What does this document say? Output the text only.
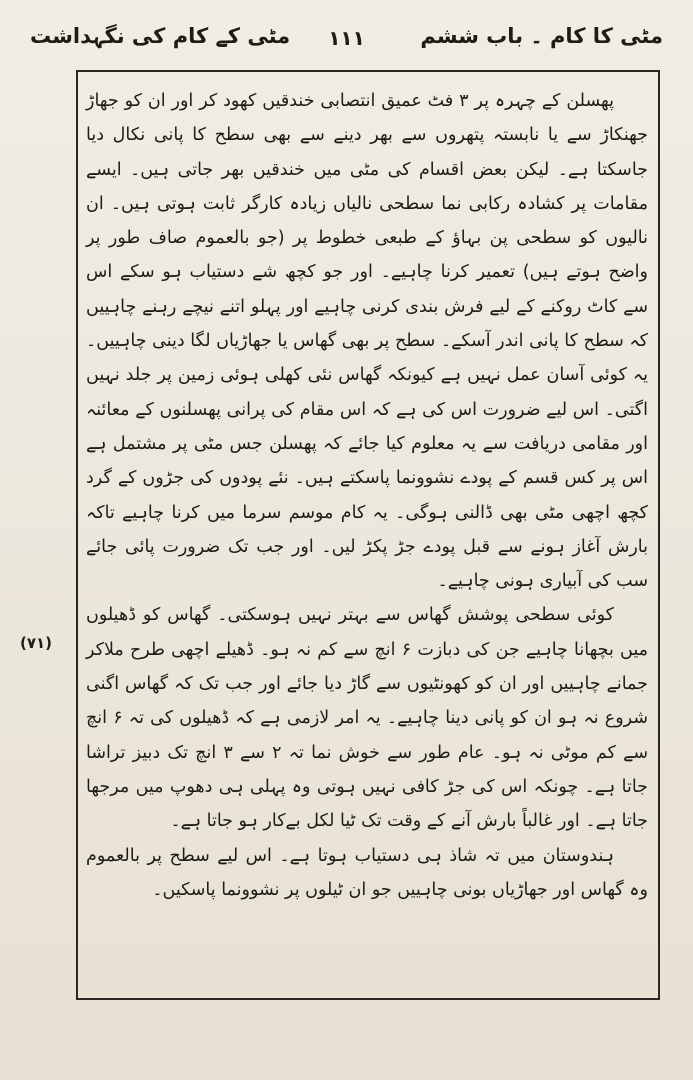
مٹی کا کام ۔ باب ششم
۱۱۱
مٹی کے کام کی نگہداشت

پھسلن کے چہرہ پر ۳ فٹ عمیق انتصابی خندقیں کھود کر اور ان کو جھاڑ جھنکاڑ سے یا نابستہ پتھروں سے بھر دینے سے بھی سطح کا پانی نکال دیا جاسکتا ہے۔ لیکن بعض اقسام کی مٹی میں خندقیں بھر جاتی ہیں۔ ایسے مقامات پر کشادہ رکابی نما سطحی نالیاں زیادہ کارگر ثابت ہوتی ہیں۔ ان نالیوں کو سطحی پن بہاؤ کے طبعی خطوط پر (جو بالعموم صاف طور پر واضح ہوتے ہیں) تعمیر کرنا چاہیے۔ اور جو کچھ شے دستیاب ہو سکے اس سے کاٹ روکنے کے لیے فرش بندی کرنی چاہیے اور پہلو اتنے نیچے رہنے چاہییں کہ سطح کا پانی اندر آسکے۔ سطح پر بھی گھاس یا جھاڑیاں لگا دینی چاہییں۔ یہ کوئی آسان عمل نہیں ہے کیونکہ گھاس نئی کھلی ہوئی زمین پر جلد نہیں اگتی۔ اس لیے ضرورت اس کی ہے کہ اس مقام کی پرانی پھسلنوں کے معائنہ اور مقامی دریافت سے یہ معلوم کیا جائے کہ پھسلن جس مٹی پر مشتمل ہے اس پر کس قسم کے پودے نشوونما پاسکتے ہیں۔ نئے پودوں کی جڑوں کے گرد کچھ اچھی مٹی بھی ڈالنی ہوگی۔ یہ کام موسم سرما میں کرنا چاہیے تاکہ بارش آغاز ہونے سے قبل پودے جڑ پکڑ لیں۔ اور جب تک ضرورت پائی جائے سب کی آبیاری ہونی چاہیے۔

کوئی سطحی پوشش گھاس سے بہتر نہیں ہوسکتی۔ گھاس کو ڈھیلوں میں بچھانا چاہیے جن کی دبازت ۶ انچ سے کم نہ ہو۔ ڈھیلے اچھی طرح ملاکر جمانے چاہییں اور ان کو کھونٹیوں سے گاڑ دیا جائے اور جب تک کہ گھاس اگنی شروع نہ ہو ان کو پانی دینا چاہیے۔ یہ امر لازمی ہے کہ ڈھیلوں کی تہ ۶ انچ سے کم موٹی نہ ہو۔ عام طور سے خوش نما تہ ۲ سے ۳ انچ تک دبیز تراشا جاتا ہے۔ چونکہ اس کی جڑ کافی نہیں ہوتی وہ پہلی ہی دھوپ میں مرجھا جاتا ہے۔ اور غالباً بارش آنے کے وقت تک ٹیا لکل بےکار ہو جاتا ہے۔

ہندوستان میں تہ شاذ ہی دستیاب ہوتا ہے۔ اس لیے سطح پر بالعموم وہ گھاس اور جھاڑیاں بونی چاہییں جو ان ٹیلوں پر نشوونما پاسکیں۔

(۷۱)
